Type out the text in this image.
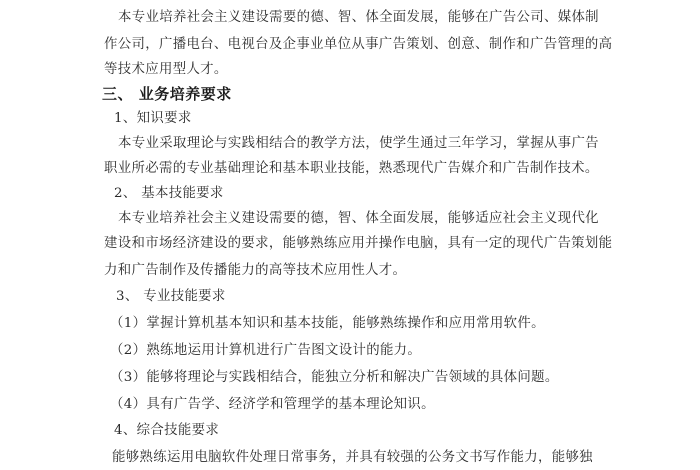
本专业培养社会主义建设需要的德、智、体全面发展，能够在广告公司、媒体制
作公司，广播电台、电视台及企事业单位从事广告策划、创意、制作和广告管理的高
等技术应用型人才。
三、 业务培养要求
1、知识要求
本专业采取理论与实践相结合的教学方法，使学生通过三年学习，掌握从事广告
职业所必需的专业基础理论和基本职业技能，熟悉现代广告媒介和广告制作技术。
2、 基本技能要求
本专业培养社会主义建设需要的德，智、体全面发展，能够适应社会主义现代化
建设和市场经济建设的要求，能够熟练应用并操作电脑，具有一定的现代广告策划能
力和广告制作及传播能力的高等技术应用性人才。
3、 专业技能要求
（1）掌握计算机基本知识和基本技能，能够熟练操作和应用常用软件。
（2）熟练地运用计算机进行广告图文设计的能力。
（3）能够将理论与实践相结合，能独立分析和解决广告领域的具体问题。
（4）具有广告学、经济学和管理学的基本理论知识。
4、综合技能要求
能够熟练运用电脑软件处理日常事务，并具有较强的公务文书写作能力，能够独
